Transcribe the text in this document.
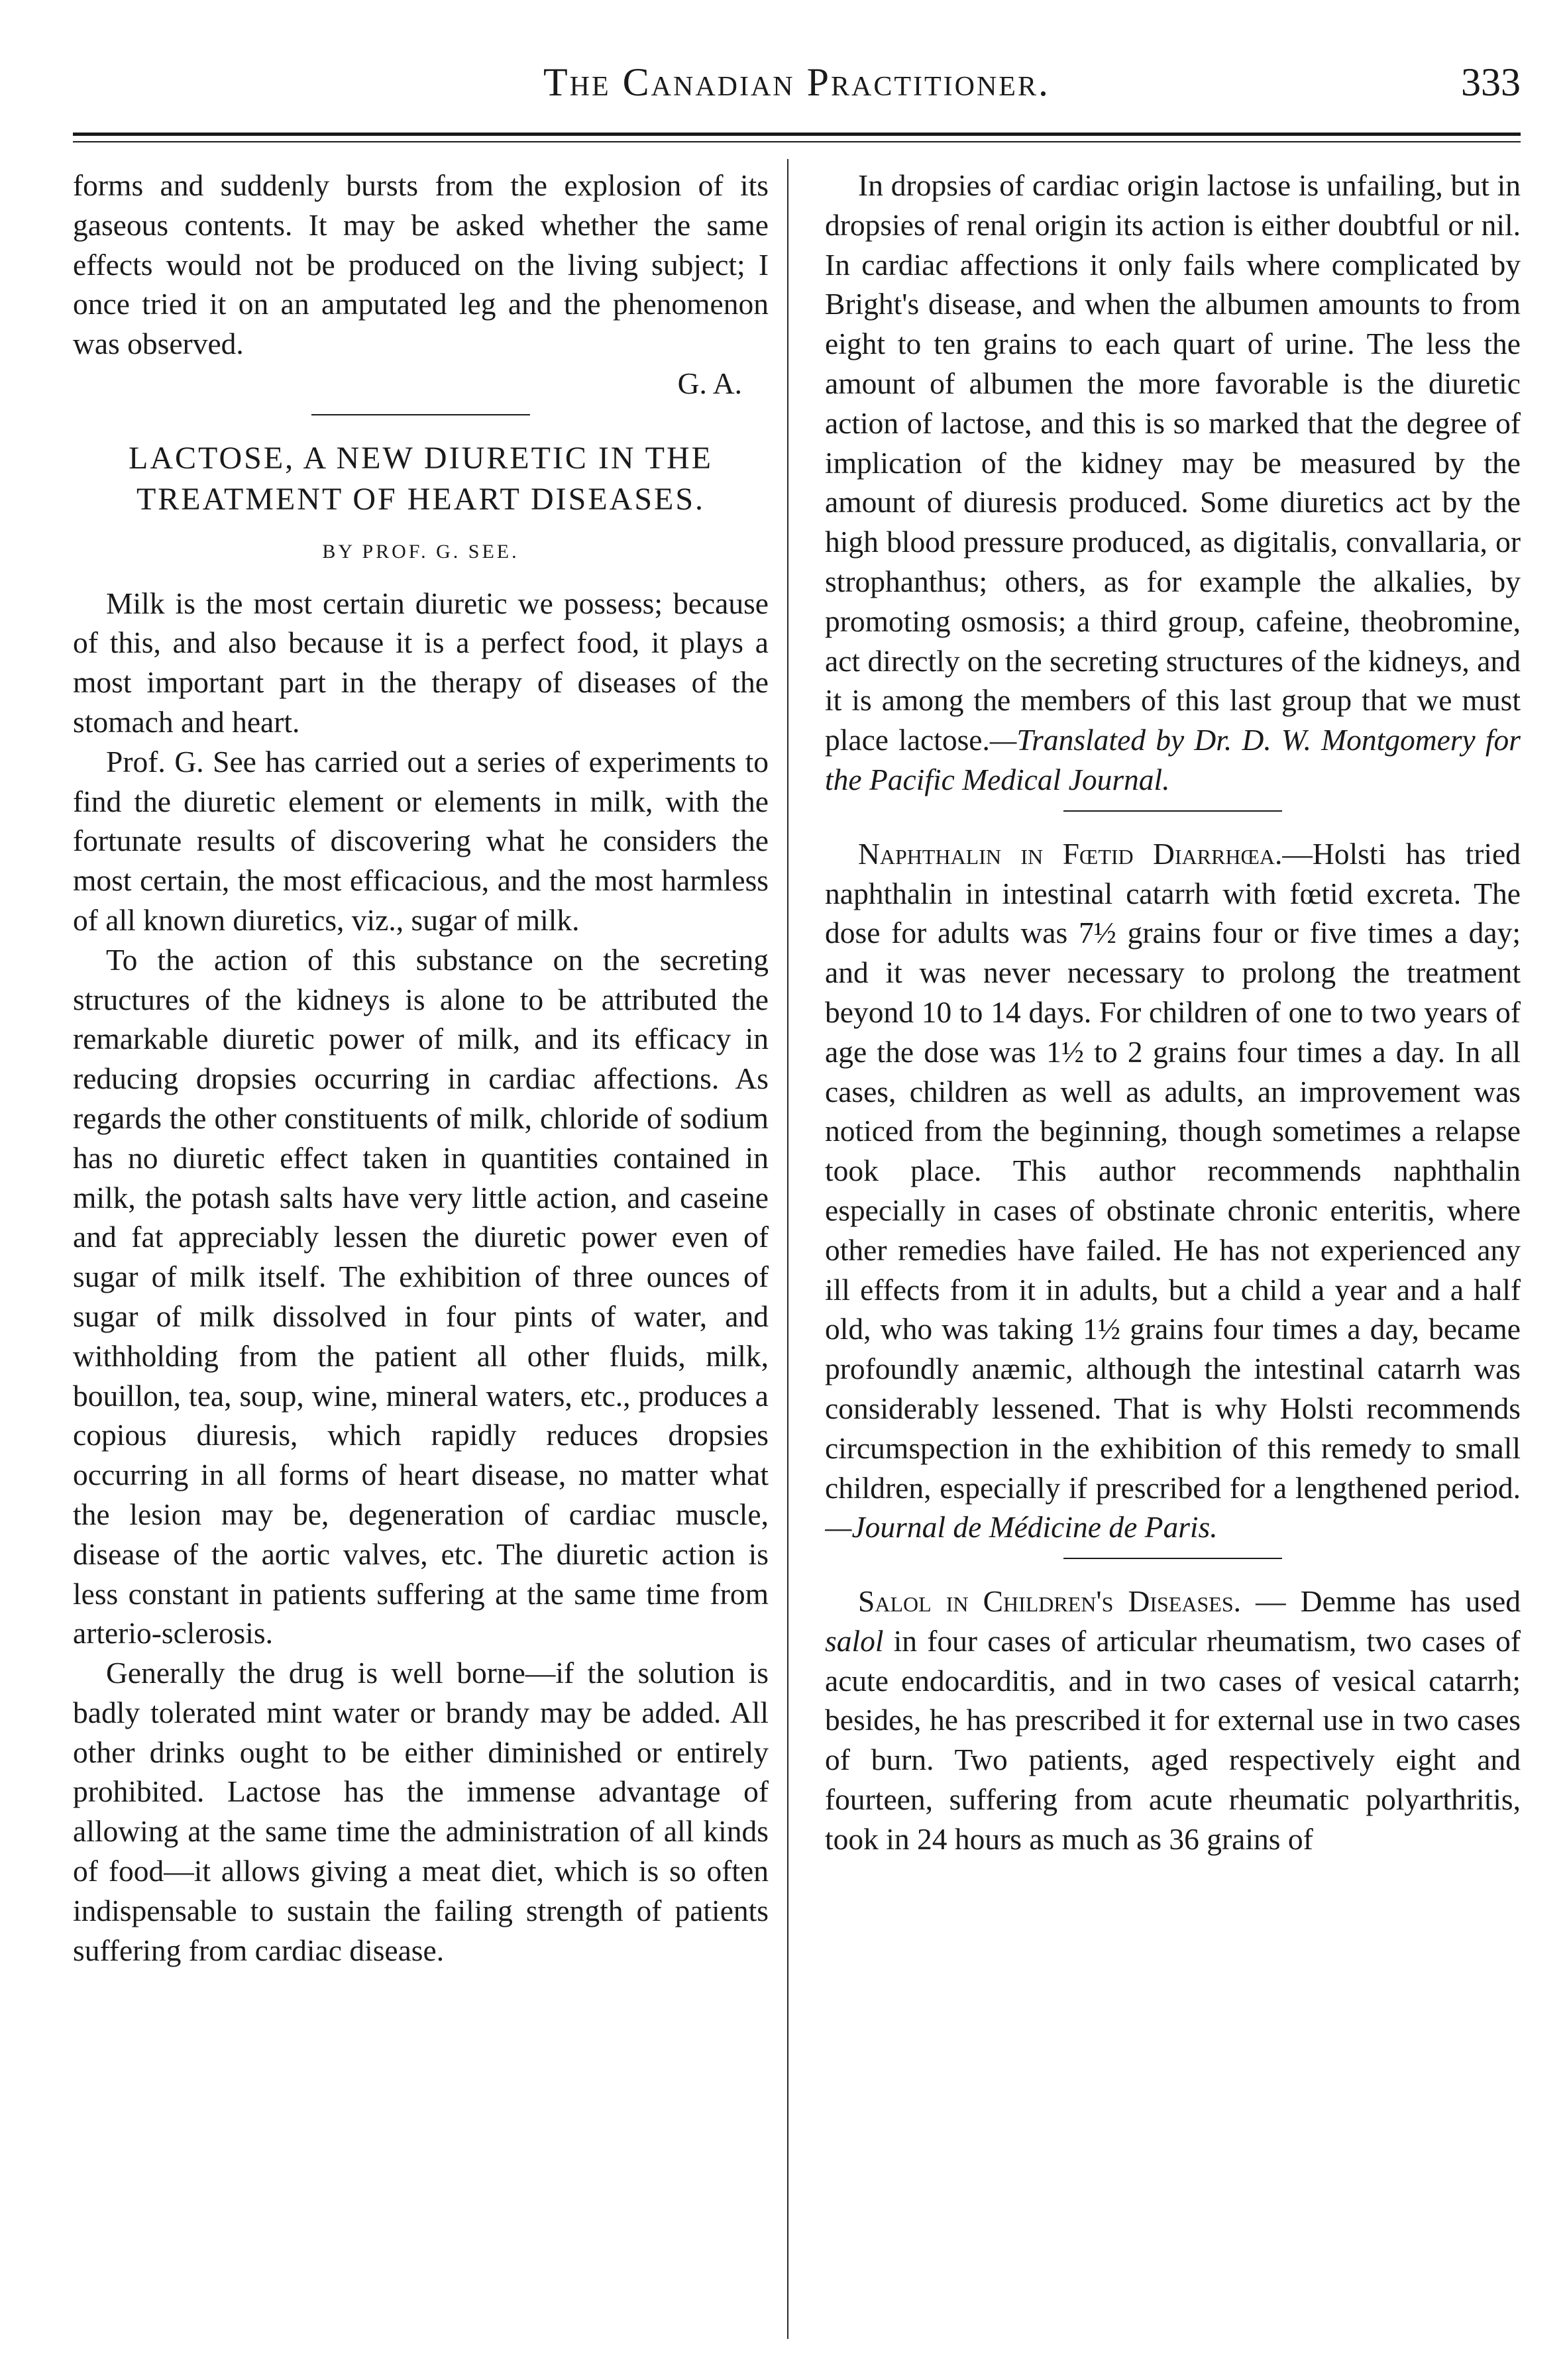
The Canadian Practitioner.	333

forms and suddenly bursts from the explosion of its gaseous contents. It may be asked whether the same effects would not be produced on the living subject; I once tried it on an amputated leg and the phenomenon was observed.

G. A.

LACTOSE, A NEW DIURETIC IN THE TREATMENT OF HEART DISEASES.
BY PROF. G. SEE.

Milk is the most certain diuretic we possess; because of this, and also because it is a perfect food, it plays a most important part in the therapy of diseases of the stomach and heart.

Prof. G. See has carried out a series of experiments to find the diuretic element or elements in milk, with the fortunate results of discovering what he considers the most certain, the most efficacious, and the most harmless of all known diuretics, viz., sugar of milk.

To the action of this substance on the secreting structures of the kidneys is alone to be attributed the remarkable diuretic power of milk, and its efficacy in reducing dropsies occurring in cardiac affections. As regards the other constituents of milk, chloride of sodium has no diuretic effect taken in quantities contained in milk, the potash salts have very little action, and caseine and fat appreciably lessen the diuretic power even of sugar of milk itself. The exhibition of three ounces of sugar of milk dissolved in four pints of water, and withholding from the patient all other fluids, milk, bouillon, tea, soup, wine, mineral waters, etc., produces a copious diuresis, which rapidly reduces dropsies occurring in all forms of heart disease, no matter what the lesion may be, degeneration of cardiac muscle, disease of the aortic valves, etc. The diuretic action is less constant in patients suffering at the same time from arterio-sclerosis.

Generally the drug is well borne—if the solution is badly tolerated mint water or brandy may be added. All other drinks ought to be either diminished or entirely prohibited. Lactose has the immense advantage of allowing at the same time the administration of all kinds of food—it allows giving a meat diet, which is so often indispensable to sustain the failing strength of patients suffering from cardiac disease.

In dropsies of cardiac origin lactose is unfailing, but in dropsies of renal origin its action is either doubtful or nil. In cardiac affections it only fails where complicated by Bright's disease, and when the albumen amounts to from eight to ten grains to each quart of urine. The less the amount of albumen the more favorable is the diuretic action of lactose, and this is so marked that the degree of implication of the kidney may be measured by the amount of diuresis produced. Some diuretics act by the high blood pressure produced, as digitalis, convallaria, or strophanthus; others, as for example the alkalies, by promoting osmosis; a third group, cafeine, theobromine, act directly on the secreting structures of the kidneys, and it is among the members of this last group that we must place lactose.—Translated by Dr. D. W. Montgomery for the Pacific Medical Journal.

Naphthalin in Fœtid Diarrhœa.—Holsti has tried naphthalin in intestinal catarrh with fœtid excreta. The dose for adults was 7½ grains four or five times a day; and it was never necessary to prolong the treatment beyond 10 to 14 days. For children of one to two years of age the dose was 1½ to 2 grains four times a day. In all cases, children as well as adults, an improvement was noticed from the beginning, though sometimes a relapse took place. This author recommends naphthalin especially in cases of obstinate chronic enteritis, where other remedies have failed. He has not experienced any ill effects from it in adults, but a child a year and a half old, who was taking 1½ grains four times a day, became profoundly anæmic, although the intestinal catarrh was considerably lessened. That is why Holsti recommends circumspection in the exhibition of this remedy to small children, especially if prescribed for a lengthened period.—Journal de Médicine de Paris.

Salol in Children's Diseases. — Demme has used salol in four cases of articular rheumatism, two cases of acute endocarditis, and in two cases of vesical catarrh; besides, he has prescribed it for external use in two cases of burn. Two patients, aged respectively eight and fourteen, suffering from acute rheumatic polyarthritis, took in 24 hours as much as 36 grains of
